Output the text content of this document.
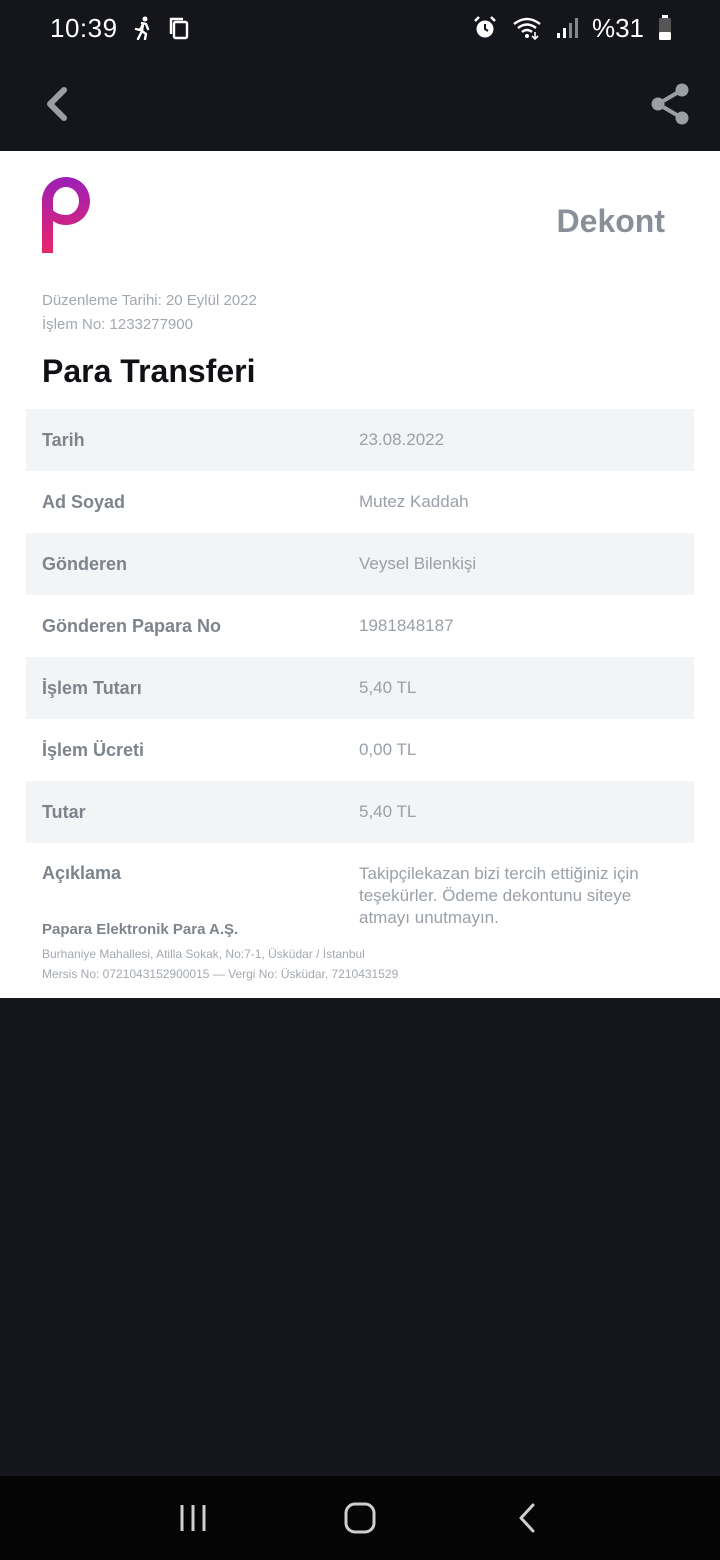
10:39	%31
Dekont
Düzenleme Tarihi: 20 Eylül 2022
İşlem No: 1233277900
Para Transferi
Tarih	23.08.2022
Ad Soyad	Mutez Kaddah
Gönderen	Veysel Bilenkişi
Gönderen Papara No	1981848187
İşlem Tutarı	5,40 TL
İşlem Ücreti	0,00 TL
Tutar	5,40 TL
Açıklama	Takipçilekazan bizi tercih ettiğiniz için teşekürler. Ödeme dekontunu siteye atmayı unutmayın.
Papara Elektronik Para A.Ş.
Burhaniye Mahallesi, Atilla Sokak, No:7-1, Üsküdar / İstanbul
Mersis No: 0721043152900015 — Vergi No: Üsküdar, 7210431529
